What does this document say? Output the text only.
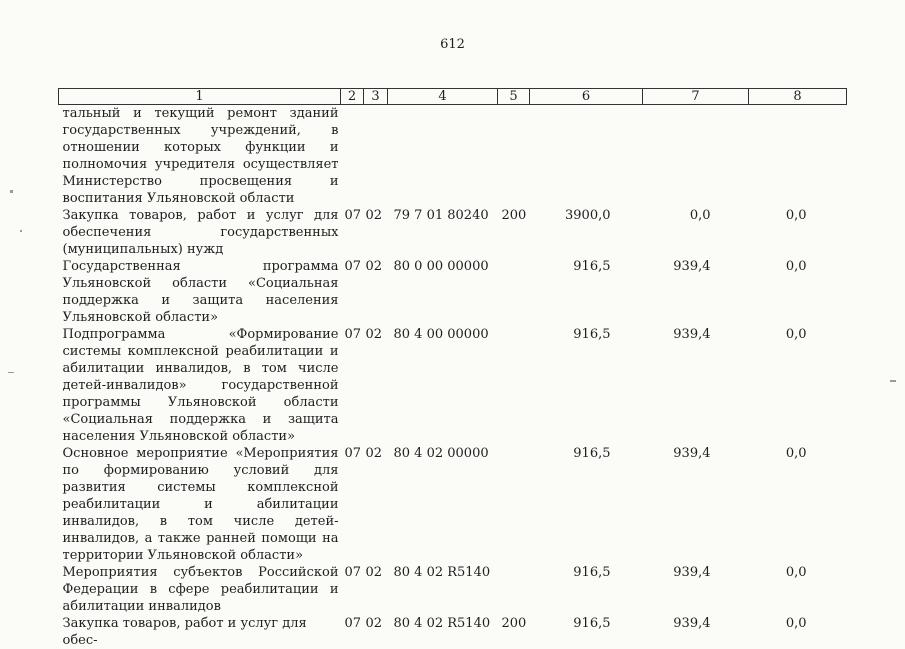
612
1	2	3	4	5	6	7	8
тальный и текущий ремонт зданий государственных учреждений, в отношении которых функции и полномочия учредителя осуществляет Министерство просвещения и воспитания Ульяновской области							
Закупка товаров, работ и услуг для обеспечения государственных (муниципальных) нужд	07	02	79 7 01 80240	200	3900,0	0,0	0,0
Государственная программа Ульяновской области «Социальная поддержка и защита населения Ульяновской области»	07	02	80 0 00 00000		916,5	939,4	0,0
Подпрограмма «Формирование системы комплексной реабилитации и абилитации инвалидов, в том числе детей-инвалидов» государственной программы Ульяновской области «Социальная поддержка и защита населения Ульяновской области»	07	02	80 4 00 00000		916,5	939,4	0,0
Основное мероприятие «Мероприятия по формированию условий для развития системы комплексной реабилитации и абилитации инвалидов, в том числе детей-инвалидов, а также ранней помощи на территории Ульяновской области»	07	02	80 4 02 00000		916,5	939,4	0,0
Мероприятия субъектов Российской Федерации в сфере реабилитации и абилитации инвалидов	07	02	80 4 02 R5140		916,5	939,4	0,0
Закупка товаров, работ и услуг для обес-	07	02	80 4 02 R5140	200	916,5	939,4	0,0
